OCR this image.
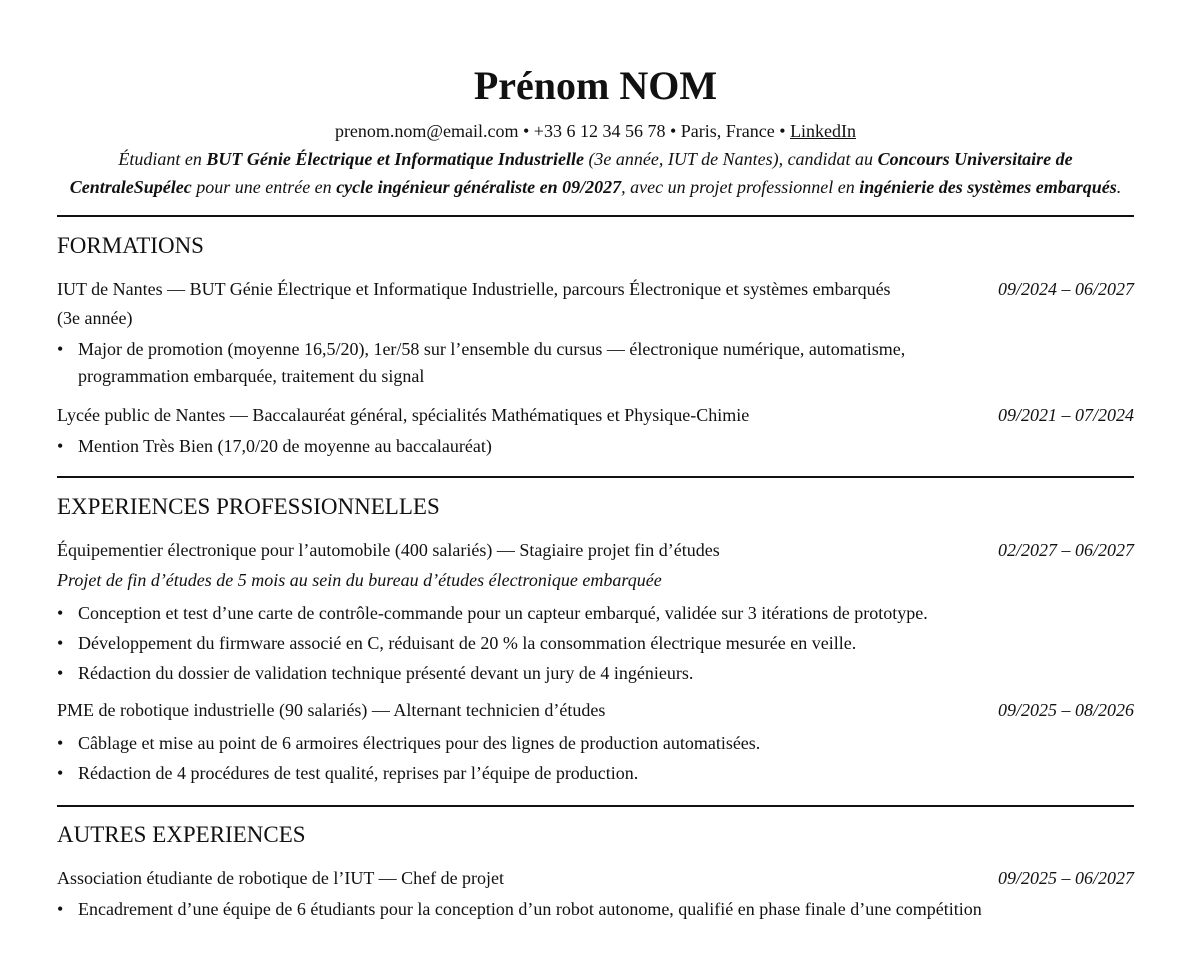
Prénom NOM
prenom.nom@email.com • +33 6 12 34 56 78 • Paris, France • LinkedIn
Étudiant en BUT Génie Électrique et Informatique Industrielle (3e année, IUT de Nantes), candidat au Concours Universitaire de CentraleSupélec pour une entrée en cycle ingénieur généraliste en 09/2027, avec un projet professionnel en ingénierie des systèmes embarqués.
FORMATIONS
IUT de Nantes — BUT Génie Électrique et Informatique Industrielle, parcours Électronique et systèmes embarqués (3e année)
09/2024 – 06/2027
• Major de promotion (moyenne 16,5/20), 1er/58 sur l’ensemble du cursus — électronique numérique, automatisme, programmation embarquée, traitement du signal
Lycée public de Nantes — Baccalauréat général, spécialités Mathématiques et Physique-Chimie	09/2021 – 07/2024
• Mention Très Bien (17,0/20 de moyenne au baccalauréat)
EXPERIENCES PROFESSIONNELLES
Équipementier électronique pour l’automobile (400 salariés) — Stagiaire projet fin d’études	02/2027 – 06/2027
Projet de fin d’études de 5 mois au sein du bureau d’études électronique embarquée
• Conception et test d’une carte de contrôle-commande pour un capteur embarqué, validée sur 3 itérations de prototype.
• Développement du firmware associé en C, réduisant de 20 % la consommation électrique mesurée en veille.
• Rédaction du dossier de validation technique présenté devant un jury de 4 ingénieurs.
PME de robotique industrielle (90 salariés) — Alternant technicien d’études	09/2025 – 08/2026
• Câblage et mise au point de 6 armoires électriques pour des lignes de production automatisées.
• Rédaction de 4 procédures de test qualité, reprises par l’équipe de production.
AUTRES EXPERIENCES
Association étudiante de robotique de l’IUT — Chef de projet	09/2025 – 06/2027
• Encadrement d’une équipe de 6 étudiants pour la conception d’un robot autonome, qualifié en phase finale d’une compétition
